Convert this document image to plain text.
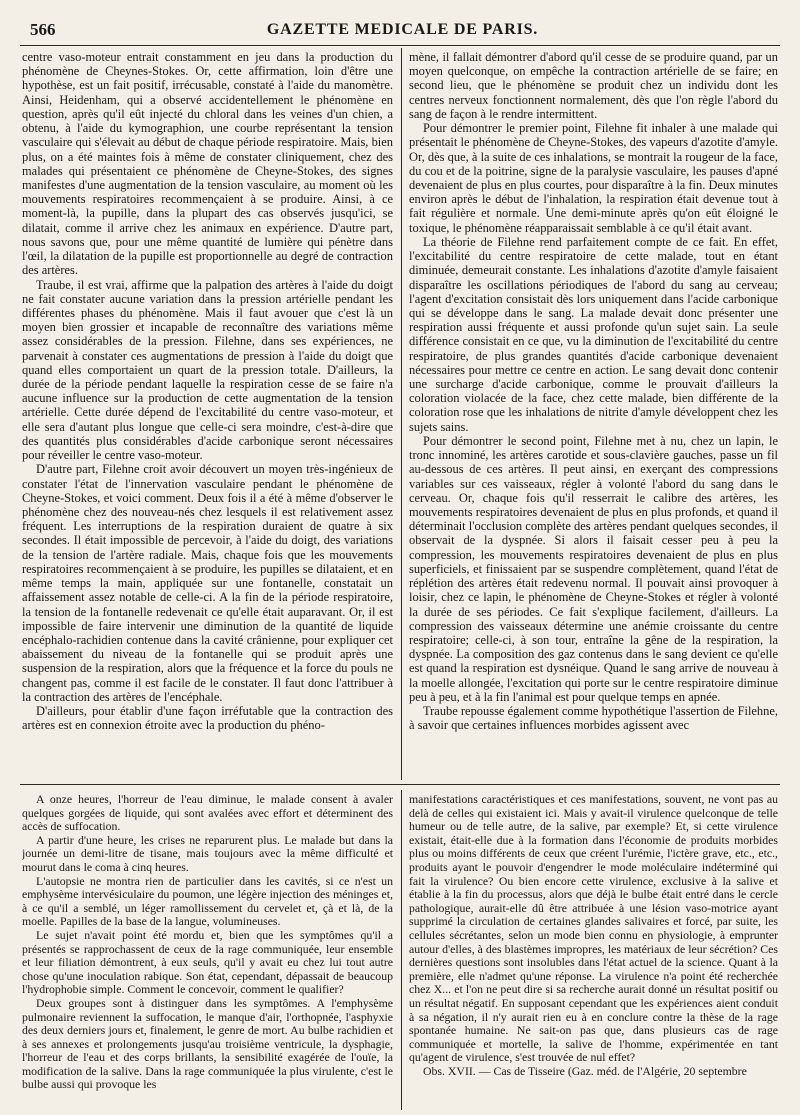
566	GAZETTE MEDICALE DE PARIS.

centre vaso-moteur entrait constamment en jeu dans la production du phénomène de Cheynes-Stokes. Or, cette affirmation, loin d'être une hypothèse, est un fait positif, irrécusable, constaté à l'aide du manomètre. Ainsi, Heidenham, qui a observé accidentellement le phénomène en question, après qu'il eût injecté du chloral dans les veines d'un chien, a obtenu, à l'aide du kymographion, une courbe représentant la tension vasculaire qui s'élevait au début de chaque période respiratoire. Mais, bien plus, on a été maintes fois à même de constater cliniquement, chez des malades qui présentaient ce phénomène de Cheyne-Stokes, des signes manifestes d'une augmentation de la tension vasculaire, au moment où les mouvements respiratoires recommençaient à se produire. Ainsi, à ce moment-là, la pupille, dans la plupart des cas observés jusqu'ici, se dilatait, comme il arrive chez les animaux en expérience. D'autre part, nous savons que, pour une même quantité de lumière qui pénètre dans l'œil, la dilatation de la pupille est proportionnelle au degré de contraction des artères.

Traube, il est vrai, affirme que la palpation des artères à l'aide du doigt ne fait constater aucune variation dans la pression artérielle pendant les différentes phases du phénomène. Mais il faut avouer que c'est là un moyen bien grossier et incapable de reconnaître des variations même assez considérables de la pression. Filehne, dans ses expériences, ne parvenait à constater ces augmentations de pression à l'aide du doigt que quand elles comportaient un quart de la pression totale. D'ailleurs, la durée de la période pendant laquelle la respiration cesse de se faire n'a aucune influence sur la production de cette augmentation de la tension artérielle. Cette durée dépend de l'excitabilité du centre vaso-moteur, et elle sera d'autant plus longue que celle-ci sera moindre, c'est-à-dire que des quantités plus considérables d'acide carbonique seront nécessaires pour réveiller le centre vaso-moteur.

D'autre part, Filehne croit avoir découvert un moyen très-ingénieux de constater l'état de l'innervation vasculaire pendant le phénomène de Cheyne-Stokes, et voici comment. Deux fois il a été à même d'observer le phénomène chez des nouveau-nés chez lesquels il est relativement assez fréquent. Les interruptions de la respiration duraient de quatre à six secondes. Il était impossible de percevoir, à l'aide du doigt, des variations de la tension de l'artère radiale. Mais, chaque fois que les mouvements respiratoires recommençaient à se produire, les pupilles se dilataient, et en même temps la main, appliquée sur une fontanelle, constatait un affaissement assez notable de celle-ci. A la fin de la période respiratoire, la tension de la fontanelle redevenait ce qu'elle était auparavant. Or, il est impossible de faire intervenir une diminution de la quantité de liquide encéphalo-rachidien contenue dans la cavité crânienne, pour expliquer cet abaissement du niveau de la fontanelle qui se produit après une suspension de la respiration, alors que la fréquence et la force du pouls ne changent pas, comme il est facile de le constater. Il faut donc l'attribuer à la contraction des artères de l'encéphale.

D'ailleurs, pour établir d'une façon irréfutable que la contraction des artères est en connexion étroite avec la production du phéno-

mène, il fallait démontrer d'abord qu'il cesse de se produire quand, par un moyen quelconque, on empêche la contraction artérielle de se faire; en second lieu, que le phénomène se produit chez un individu dont les centres nerveux fonctionnent normalement, dès que l'on règle l'abord du sang de façon à le rendre intermittent.

Pour démontrer le premier point, Filehne fit inhaler à une malade qui présentait le phénomène de Cheyne-Stokes, des vapeurs d'azotite d'amyle. Or, dès que, à la suite de ces inhalations, se montrait la rougeur de la face, du cou et de la poitrine, signe de la paralysie vasculaire, les pauses d'apné devenaient de plus en plus courtes, pour disparaître à la fin. Deux minutes environ après le début de l'inhalation, la respiration était devenue tout à fait régulière et normale. Une demi-minute après qu'on eût éloigné le toxique, le phénomène réapparaissait semblable à ce qu'il était avant.

La théorie de Filehne rend parfaitement compte de ce fait. En effet, l'excitabilité du centre respiratoire de cette malade, tout en étant diminuée, demeurait constante. Les inhalations d'azotite d'amyle faisaient disparaître les oscillations périodiques de l'abord du sang au cerveau; l'agent d'excitation consistait dès lors uniquement dans l'acide carbonique qui se développe dans le sang. La malade devait donc présenter une respiration aussi fréquente et aussi profonde qu'un sujet sain. La seule différence consistait en ce que, vu la diminution de l'excitabilité du centre respiratoire, de plus grandes quantités d'acide carbonique devenaient nécessaires pour mettre ce centre en action. Le sang devait donc contenir une surcharge d'acide carbonique, comme le prouvait d'ailleurs la coloration violacée de la face, chez cette malade, bien différente de la coloration rose que les inhalations de nitrite d'amyle développent chez les sujets sains.

Pour démontrer le second point, Filehne met à nu, chez un lapin, le tronc innominé, les artères carotide et sous-clavière gauches, passe un fil au-dessous de ces artères. Il peut ainsi, en exerçant des compressions variables sur ces vaisseaux, régler à volonté l'abord du sang dans le cerveau. Or, chaque fois qu'il resserrait le calibre des artères, les mouvements respiratoires devenaient de plus en plus profonds, et quand il déterminait l'occlusion complète des artères pendant quelques secondes, il observait de la dyspnée. Si alors il faisait cesser peu à peu la compression, les mouvements respiratoires devenaient de plus en plus superficiels, et finissaient par se suspendre complètement, quand l'état de réplétion des artères était redevenu normal. Il pouvait ainsi provoquer à loisir, chez ce lapin, le phénomène de Cheyne-Stokes et régler à volonté la durée de ses périodes. Ce fait s'explique facilement, d'ailleurs. La compression des vaisseaux détermine une anémie croissante du centre respiratoire; celle-ci, à son tour, entraîne la gêne de la respiration, la dyspnée. La composition des gaz contenus dans le sang devient ce qu'elle est quand la respiration est dysnéique. Quand le sang arrive de nouveau à la moelle allongée, l'excitation qui porte sur le centre respiratoire diminue peu à peu, et à la fin l'animal est pour quelque temps en apnée.

Traube repousse également comme hypothétique l'assertion de Filehne, à savoir que certaines influences morbides agissent avec

A onze heures, l'horreur de l'eau diminue, le malade consent à avaler quelques gorgées de liquide, qui sont avalées avec effort et déterminent des accès de suffocation.

A partir d'une heure, les crises ne reparurent plus. Le malade but dans la journée un demi-litre de tisane, mais toujours avec la même difficulté et mourut dans le coma à cinq heures.

L'autopsie ne montra rien de particulier dans les cavités, si ce n'est un emphysème intervésiculaire du poumon, une légère injection des méninges et, à ce qu'il a semblé, un léger ramollissement du cervelet et, çà et là, de la moelle. Papilles de la base de la langue, volumineuses.

Le sujet n'avait point été mordu et, bien que les symptômes qu'il a présentés se rapprochassent de ceux de la rage communiquée, leur ensemble et leur filiation démontrent, à eux seuls, qu'il y avait eu chez lui tout autre chose qu'une inoculation rabique. Son état, cependant, dépassait de beaucoup l'hydrophobie simple. Comment le concevoir, comment le qualifier?

Deux groupes sont à distinguer dans les symptômes. A l'emphysème pulmonaire reviennent la suffocation, le manque d'air, l'orthopnée, l'asphyxie des deux derniers jours et, finalement, le genre de mort. Au bulbe rachidien et à ses annexes et prolongements jusqu'au troisième ventricule, la dysphagie, l'horreur de l'eau et des corps brillants, la sensibilité exagérée de l'ouïe, la modification de la salive. Dans la rage communiquée la plus virulente, c'est le bulbe aussi qui provoque les

manifestations caractéristiques et ces manifestations, souvent, ne vont pas au delà de celles qui existaient ici. Mais y avait-il virulence quelconque de telle humeur ou de telle autre, de la salive, par exemple? Et, si cette virulence existait, était-elle due à la formation dans l'économie de produits morbides plus ou moins différents de ceux que créent l'urémie, l'ictère grave, etc., etc., produits ayant le pouvoir d'engendrer le mode moléculaire indéterminé qui fait la virulence? Ou bien encore cette virulence, exclusive à la salive et établie à la fin du processus, alors que déjà le bulbe était entré dans le cercle pathologique, aurait-elle dû être attribuée à une lésion vaso-motrice ayant supprimé la circulation de certaines glandes salivaires et forcé, par suite, les cellules sécrétantes, selon un mode bien connu en physiologie, à emprunter autour d'elles, à des blastèmes impropres, les matériaux de leur sécrétion? Ces dernières questions sont insolubles dans l'état actuel de la science. Quant à la première, elle n'admet qu'une réponse. La virulence n'a point été recherchée chez X... et l'on ne peut dire si sa recherche aurait donné un résultat positif ou un résultat négatif. En supposant cependant que les expériences aient conduit à sa négation, il n'y aurait rien eu à en conclure contre la thèse de la rage spontanée humaine. Ne sait-on pas que, dans plusieurs cas de rage communiquée et mortelle, la salive de l'homme, expérimentée en tant qu'agent de virulence, s'est trouvée de nul effet?

Obs. XVII. — Cas de Tisseire (Gaz. méd. de l'Algérie, 20 septembre
